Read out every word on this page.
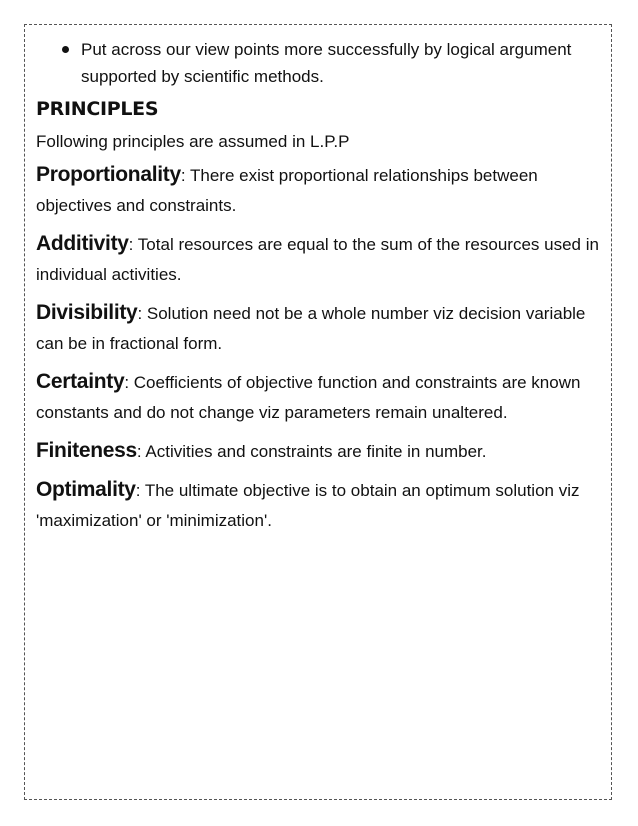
Put across our view points more successfully by logical argument supported by scientific methods.
PRINCIPLES
Following principles are assumed in L.P.P
Proportionality: There exist proportional relationships between objectives and constraints.
Additivity: Total resources are equal to the sum of the resources used in individual activities.
Divisibility: Solution need not be a whole number viz decision variable can be in fractional form.
Certainty: Coefficients of objective function and constraints are known constants and do not change viz parameters remain unaltered.
Finiteness: Activities and constraints are finite in number.
Optimality: The ultimate objective is to obtain an optimum solution viz 'maximization' or 'minimization'.
